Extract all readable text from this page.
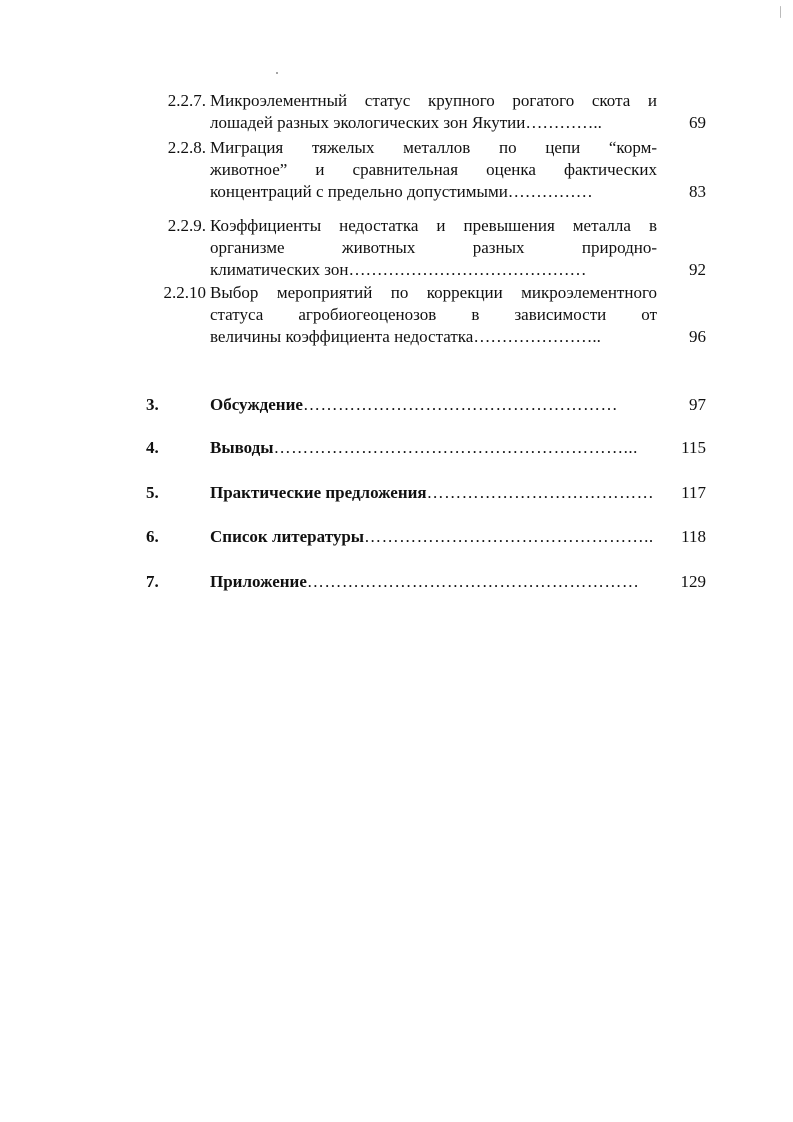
2.2.7. Микроэлементный статус крупного рогатого скота и
лошадей разных экологических зон Якутии…………..	69
2.2.8. Миграция тяжелых металлов по цепи “корм-
животное” и сравнительная оценка фактических
концентраций с предельно допустимыми……………	83
2.2.9. Коэффициенты недостатка и превышения металла в
организме животных разных природно-
климатических зон……………………………………	92
2.2.10 Выбор мероприятий по коррекции микроэлементного
статуса агробиогеоценозов в зависимости от
величины коэффициента недостатка…………………..	96
3.	Обсуждение………………………………………………	97
4.	Выводы……………………………………………………...	115
5.	Практические предложения…………………………………	117
6.	Список литературы…………………………………………..	118
7.	Приложение…………………………………………………	129
